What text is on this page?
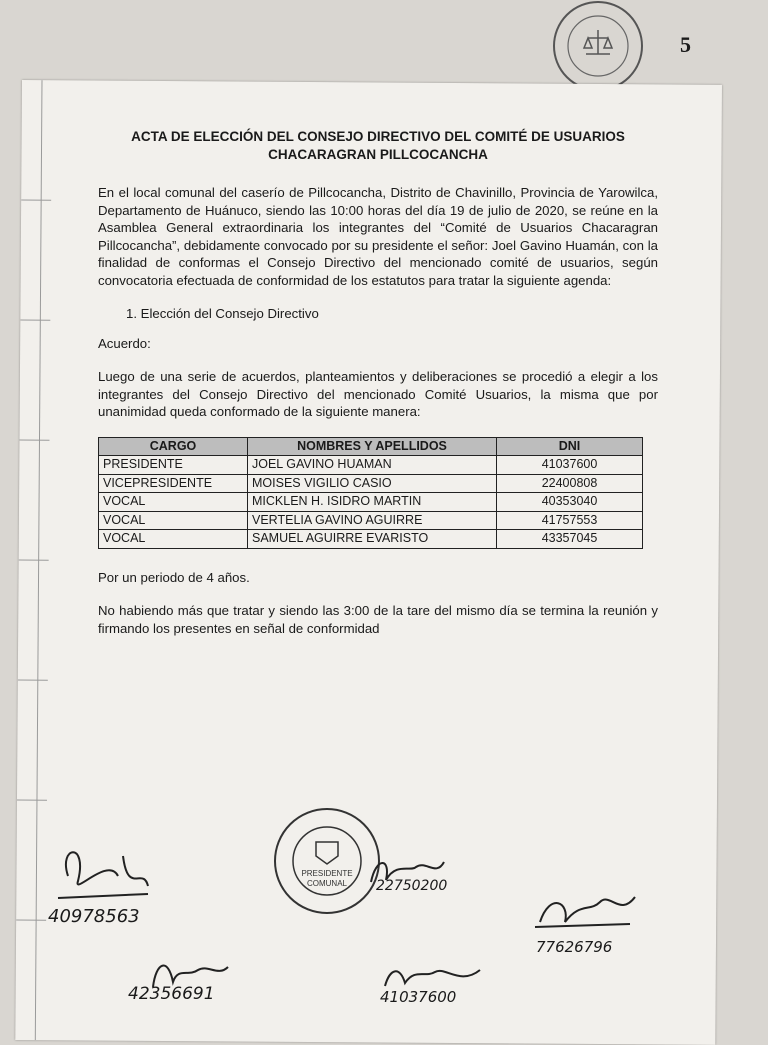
5
ACTA DE ELECCIÓN DEL CONSEJO DIRECTIVO DEL COMITÉ DE USUARIOS
CHACARAGRAN PILLCOCANCHA

En el local comunal del caserío de Pillcocancha, Distrito de Chavinillo, Provincia de Yarowilca, Departamento de Huánuco, siendo las 10:00 horas del día 19 de julio de 2020, se reúne en la Asamblea General extraordinaria los integrantes del “Comité de Usuarios Chacaragran Pillcocancha”, debidamente convocado por su presidente el señor: Joel Gavino Huamán, con la finalidad de conformas el Consejo Directivo del mencionado comité de usuarios, según convocatoria efectuada de conformidad de los estatutos para tratar la siguiente agenda:

1. Elección del Consejo Directivo

Acuerdo:

Luego de una serie de acuerdos, planteamientos y deliberaciones se procedió a elegir a los integrantes del Consejo Directivo del mencionado Comité Usuarios, la misma que por unanimidad queda conformado de la siguiente manera:

CARGO	NOMBRES Y APELLIDOS	DNI
PRESIDENTE	JOEL GAVINO HUAMAN	41037600
VICEPRESIDENTE	MOISES VIGILIO CASIO	22400808
VOCAL	MICKLEN H. ISIDRO MARTIN	40353040
VOCAL	VERTELIA GAVINO AGUIRRE	41757553
VOCAL	SAMUEL AGUIRRE EVARISTO	43357045

Por un periodo de 4 años.

No habiendo más que tratar y siendo las 3:00 de la tare del mismo día se termina la reunión y firmando los presentes en señal de conformidad

PRESIDENTE
COMUNAL
40978563
22750200
77626796
42356691	41037600
